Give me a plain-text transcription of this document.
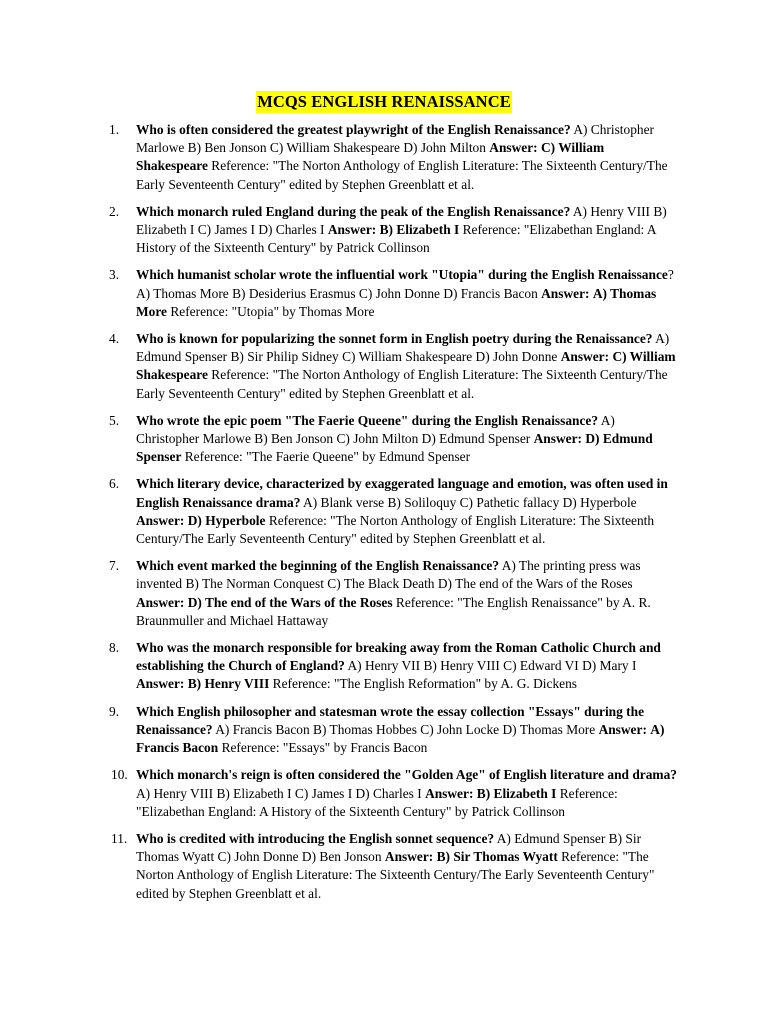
MCQS ENGLISH RENAISSANCE
1.	Who is often considered the greatest playwright of the English Renaissance? A) Christopher Marlowe B) Ben Jonson C) William Shakespeare D) John Milton Answer: C) William Shakespeare Reference: "The Norton Anthology of English Literature: The Sixteenth Century/The Early Seventeenth Century" edited by Stephen Greenblatt et al.
2.	Which monarch ruled England during the peak of the English Renaissance? A) Henry VIII B) Elizabeth I C) James I D) Charles I Answer: B) Elizabeth I Reference: "Elizabethan England: A History of the Sixteenth Century" by Patrick Collinson
3.	Which humanist scholar wrote the influential work "Utopia" during the English Renaissance? A) Thomas More B) Desiderius Erasmus C) John Donne D) Francis Bacon Answer: A) Thomas More Reference: "Utopia" by Thomas More
4.	Who is known for popularizing the sonnet form in English poetry during the Renaissance? A) Edmund Spenser B) Sir Philip Sidney C) William Shakespeare D) John Donne Answer: C) William Shakespeare Reference: "The Norton Anthology of English Literature: The Sixteenth Century/The Early Seventeenth Century" edited by Stephen Greenblatt et al.
5.	Who wrote the epic poem "The Faerie Queene" during the English Renaissance? A) Christopher Marlowe B) Ben Jonson C) John Milton D) Edmund Spenser Answer: D) Edmund Spenser Reference: "The Faerie Queene" by Edmund Spenser
6.	Which literary device, characterized by exaggerated language and emotion, was often used in English Renaissance drama? A) Blank verse B) Soliloquy C) Pathetic fallacy D) Hyperbole Answer: D) Hyperbole Reference: "The Norton Anthology of English Literature: The Sixteenth Century/The Early Seventeenth Century" edited by Stephen Greenblatt et al.
7.	Which event marked the beginning of the English Renaissance? A) The printing press was invented B) The Norman Conquest C) The Black Death D) The end of the Wars of the Roses Answer: D) The end of the Wars of the Roses Reference: "The English Renaissance" by A. R. Braunmuller and Michael Hattaway
8.	Who was the monarch responsible for breaking away from the Roman Catholic Church and establishing the Church of England? A) Henry VII B) Henry VIII C) Edward VI D) Mary I Answer: B) Henry VIII Reference: "The English Reformation" by A. G. Dickens
9.	Which English philosopher and statesman wrote the essay collection "Essays" during the Renaissance? A) Francis Bacon B) Thomas Hobbes C) John Locke D) Thomas More Answer: A) Francis Bacon Reference: "Essays" by Francis Bacon
10. Which monarch's reign is often considered the "Golden Age" of English literature and drama? A) Henry VIII B) Elizabeth I C) James I D) Charles I Answer: B) Elizabeth I Reference: "Elizabethan England: A History of the Sixteenth Century" by Patrick Collinson
11. Who is credited with introducing the English sonnet sequence? A) Edmund Spenser B) Sir Thomas Wyatt C) John Donne D) Ben Jonson Answer: B) Sir Thomas Wyatt Reference: "The Norton Anthology of English Literature: The Sixteenth Century/The Early Seventeenth Century" edited by Stephen Greenblatt et al.
